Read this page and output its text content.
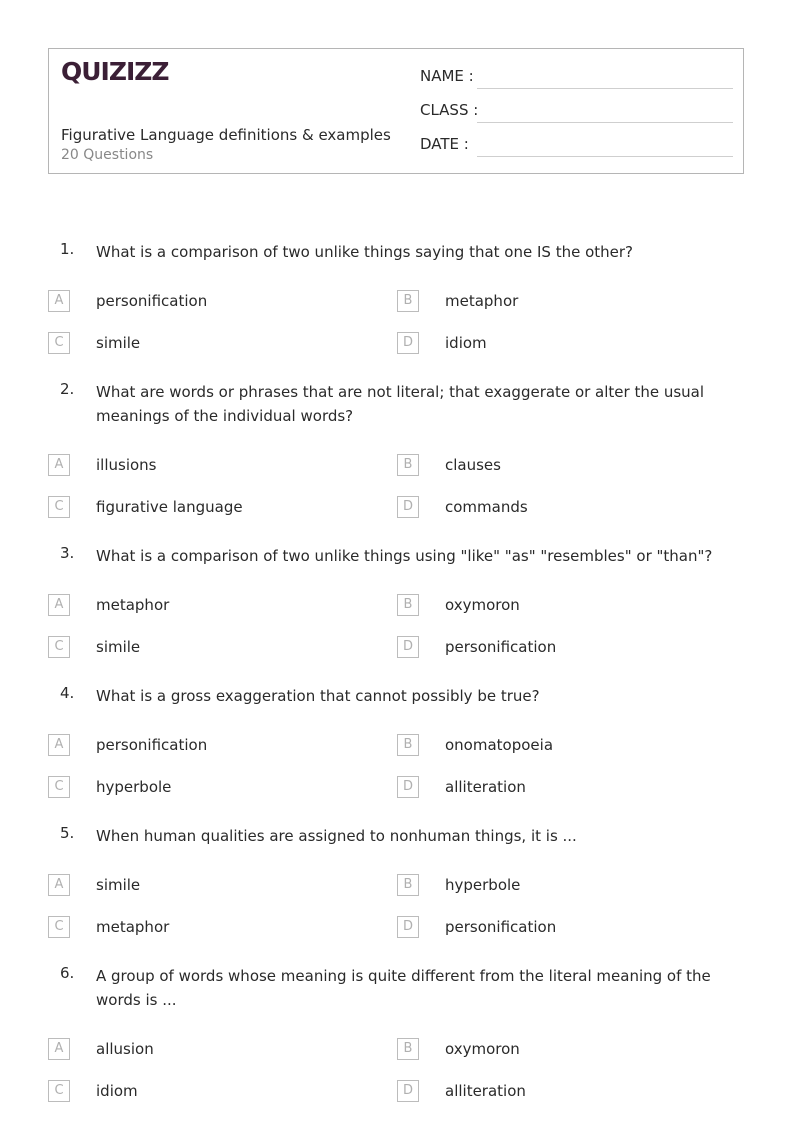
QUIZIZZ
Figurative Language definitions & examples
20 Questions
NAME :
CLASS :
DATE :
1. What is a comparison of two unlike things saying that one IS the other?
A	personification	B	metaphor
C	simile	D	idiom
2. What are words or phrases that are not literal; that exaggerate or alter the usual meanings of the individual words?
A	illusions	B	clauses
C	figurative language	D	commands
3. What is a comparison of two unlike things using "like" "as" "resembles" or "than"?
A	metaphor	B	oxymoron
C	simile	D	personification
4. What is a gross exaggeration that cannot possibly be true?
A	personification	B	onomatopoeia
C	hyperbole	D	alliteration
5. When human qualities are assigned to nonhuman things, it is ...
A	simile	B	hyperbole
C	metaphor	D	personification
6. A group of words whose meaning is quite different from the literal meaning of the words is ...
A	allusion	B	oxymoron
C	idiom	D	alliteration
